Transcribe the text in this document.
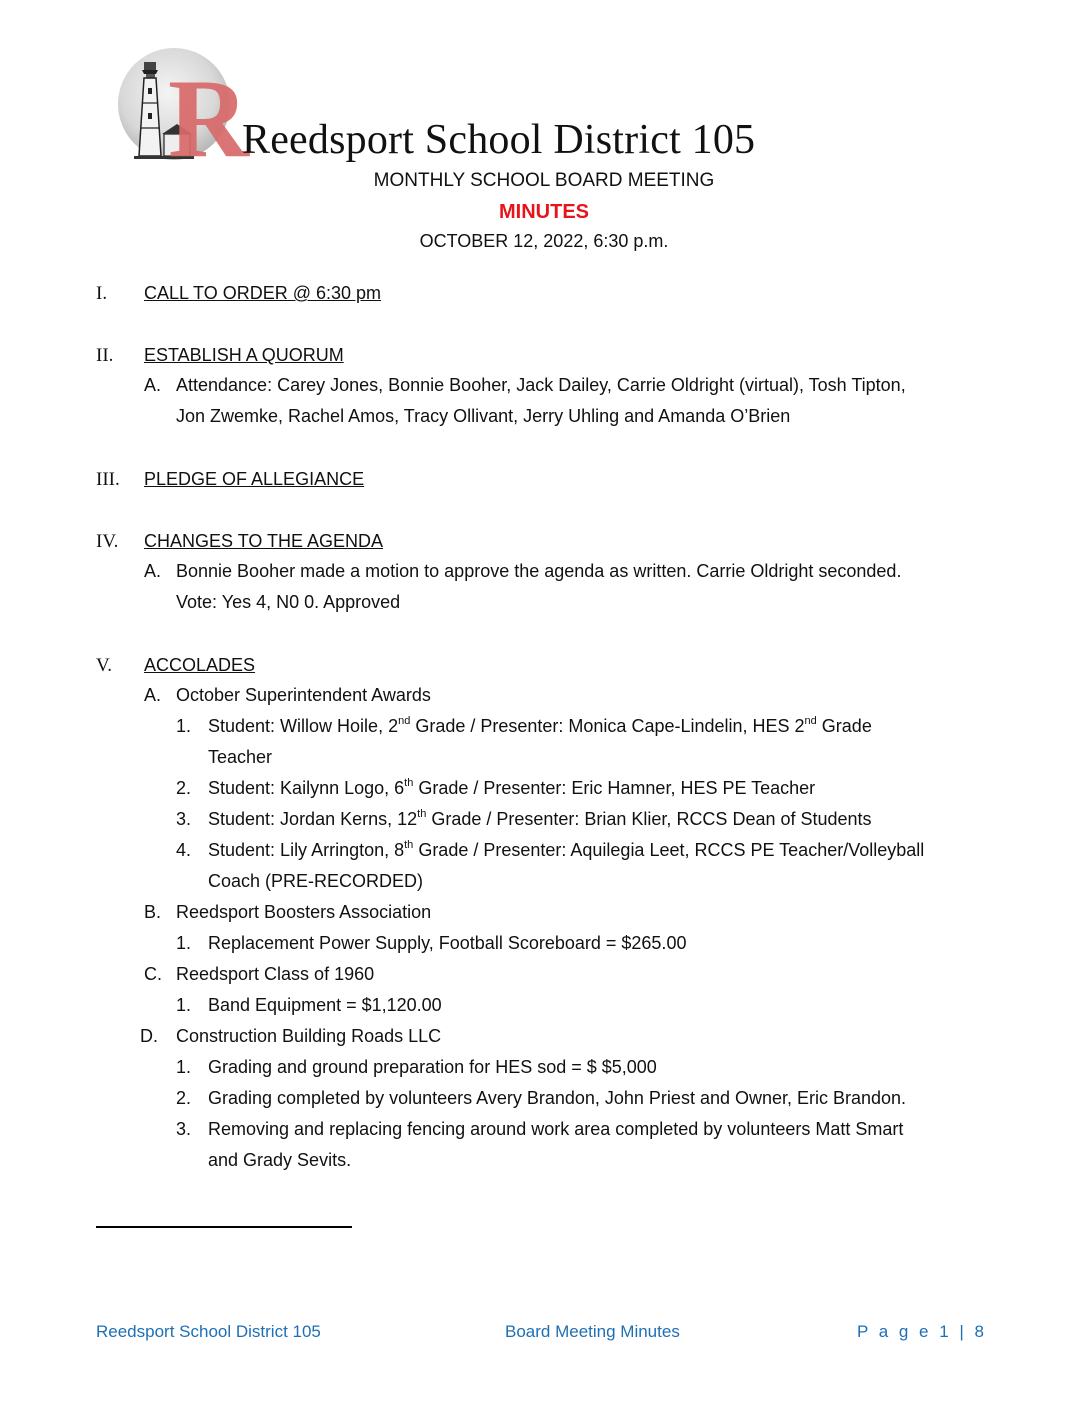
R
Reedsport School District 105
MONTHLY SCHOOL BOARD MEETING
MINUTES
OCTOBER 12, 2022, 6:30 p.m.
I. CALL TO ORDER @ 6:30 pm
II. ESTABLISH A QUORUM
A. Attendance: Carey Jones, Bonnie Booher, Jack Dailey, Carrie Oldright (virtual), Tosh Tipton,
Jon Zwemke, Rachel Amos, Tracy Ollivant, Jerry Uhling and Amanda O’Brien
III. PLEDGE OF ALLEGIANCE
IV. CHANGES TO THE AGENDA
A. Bonnie Booher made a motion to approve the agenda as written. Carrie Oldright seconded.
Vote: Yes 4, N0 0. Approved
V. ACCOLADES
A. October Superintendent Awards
1. Student: Willow Hoile, 2nd Grade / Presenter: Monica Cape-Lindelin, HES 2nd Grade
Teacher
2. Student: Kailynn Logo, 6th Grade / Presenter: Eric Hamner, HES PE Teacher
3. Student: Jordan Kerns, 12th Grade / Presenter: Brian Klier, RCCS Dean of Students
4. Student: Lily Arrington, 8th Grade / Presenter: Aquilegia Leet, RCCS PE Teacher/Volleyball
Coach (PRE-RECORDED)
B. Reedsport Boosters Association
1. Replacement Power Supply, Football Scoreboard = $265.00
C. Reedsport Class of 1960
1. Band Equipment = $1,120.00
D. Construction Building Roads LLC
1. Grading and ground preparation for HES sod = $ $5,000
2. Grading completed by volunteers Avery Brandon, John Priest and Owner, Eric Brandon.
3. Removing and replacing fencing around work area completed by volunteers Matt Smart
and Grady Sevits.
Reedsport School District 105	Board Meeting Minutes	P a g e 1 | 8
